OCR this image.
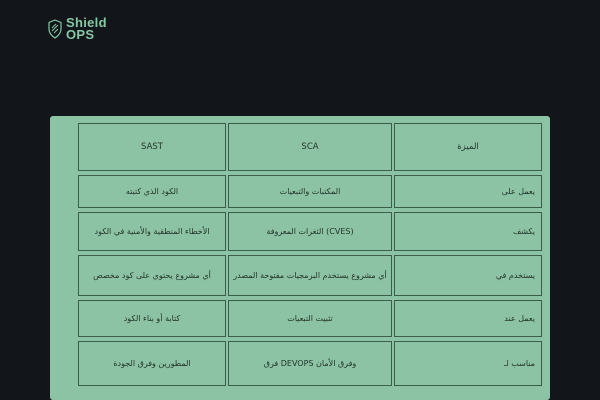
Shield
OPS
SAST	SCA	الميزة
الكود الذي كتبته	المكتبات والتبعيات	يعمل على
الأخطاء المنطقية والأمنية في الكود	الثغرات المعروفة (CVES)	يكشف
أي مشروع يحتوي على كود مخصص	أي مشروع يستخدم البرمجيات مفتوحة المصدر	يستخدم في
كتابة أو بناء الكود	تثبيت التبعيات	يعمل عند
المطورين وفرق الجودة	فرق DEVOPS وفرق الأمان	مناسب لـ
